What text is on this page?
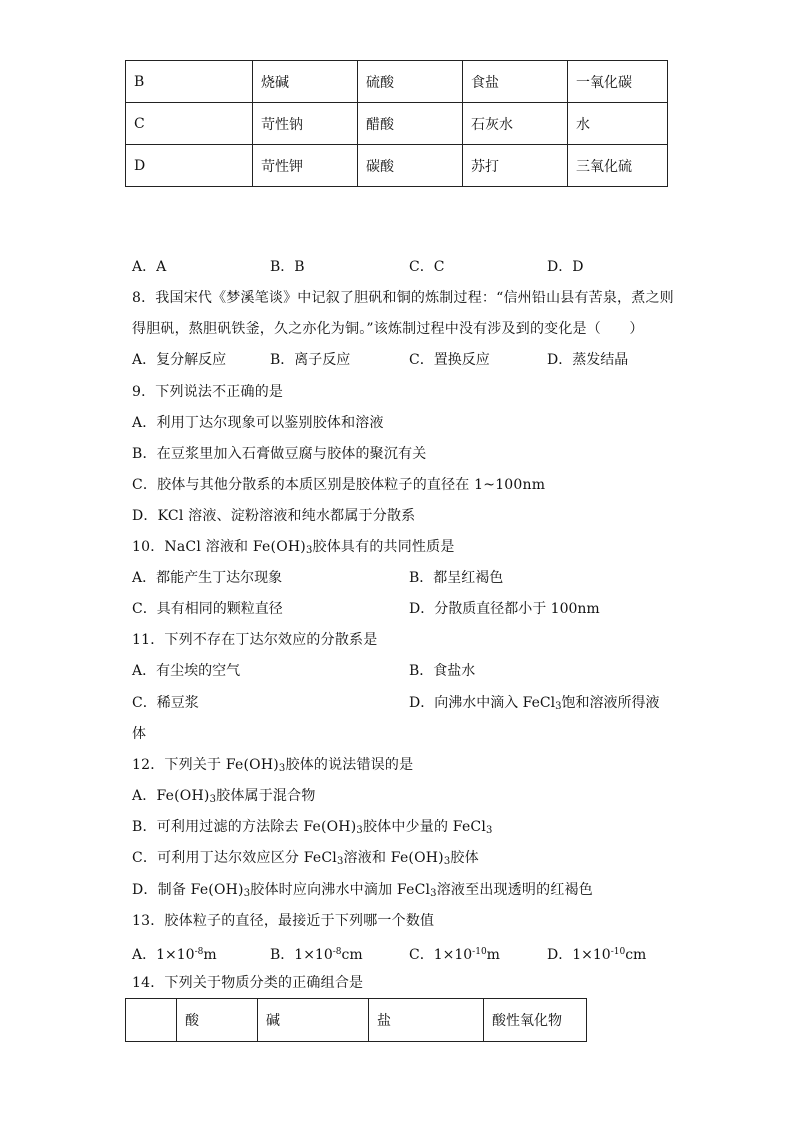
B	烧碱	硫酸	食盐	一氧化碳
C	苛性钠	醋酸	石灰水	水
D	苛性钾	碳酸	苏打	三氧化硫
A．A	B．B	C．C	D．D
8．我国宋代《梦溪笔谈》中记叙了胆矾和铜的炼制过程：“信州铅山县有苦泉，煮之则
得胆矾，熬胆矾铁釜，久之亦化为铜。”该炼制过程中没有涉及到的变化是（　　）
A．复分解反应	B．离子反应	C．置换反应	D．蒸发结晶
9．下列说法不正确的是
A．利用丁达尔现象可以鉴别胶体和溶液
B．在豆浆里加入石膏做豆腐与胶体的聚沉有关
C．胶体与其他分散系的本质区别是胶体粒子的直径在 1~100nm
D．KCl 溶液、淀粉溶液和纯水都属于分散系
10．NaCl 溶液和 $Fe(OH)_3$胶体具有的共同性质是
A．都能产生丁达尔现象	B．都呈红褐色
C．具有相同的颗粒直径	D．分散质直径都小于 100nm
11．下列不存在丁达尔效应的分散系是
A．有尘埃的空气	B．食盐水
C．稀豆浆	D．向沸水中滴入 FeCl$_3$饱和溶液所得液
体
12．下列关于 $Fe(OH)_3$胶体的说法错误的是
A．$Fe(OH)_3$胶体属于混合物
B．可利用过滤的方法除去 $Fe(OH)_3$胶体中少量的 FeCl$_3$
C．可利用丁达尔效应区分 FeCl$_3$溶液和 $Fe(OH)_3$胶体
D．制备 $Fe(OH)_3$胶体时应向沸水中滴加 FeCl$_3$溶液至出现透明的红褐色
13．胶体粒子的直径，最接近于下列哪一个数值
A．$1\times 10^{-8}m$	B．$1\times 10^{-8}cm$	C．$1\times 10^{-10}m$	D．$1\times 10^{-10}cm$
14．下列关于物质分类的正确组合是
	酸	碱	盐	酸性氧化物
